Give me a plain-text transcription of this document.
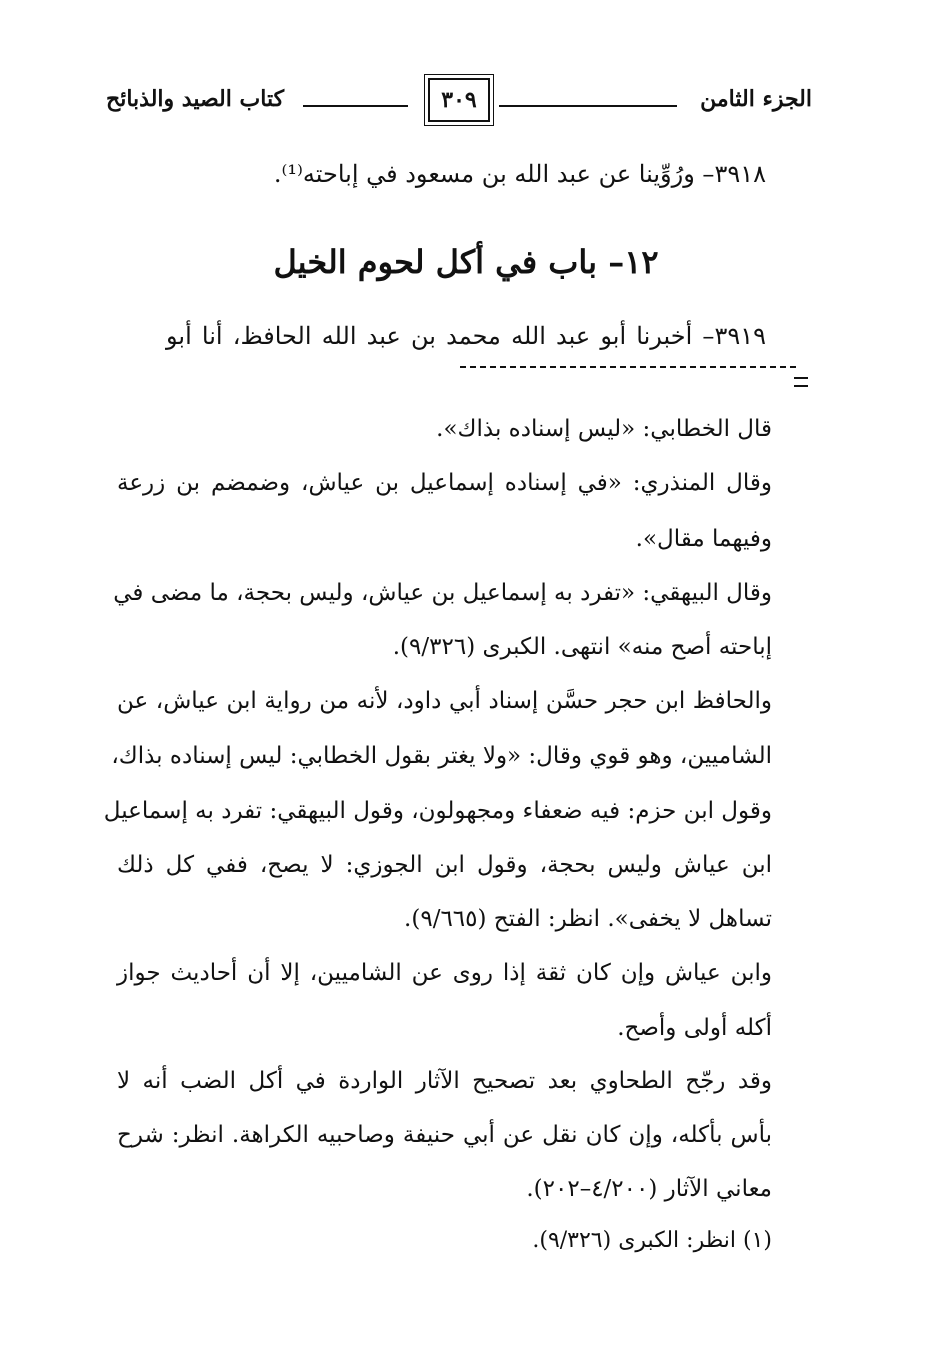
الجزء الثامن
٣٠٩
كتاب الصيد والذبائح
٣٩١٨– ورُوِّينا عن عبد الله بن مسعود في إباحته⁽¹⁾.
١٢– باب في أكل لحوم الخيل
٣٩١٩– أخبرنا أبو عبد الله محمد بن عبد الله الحافظ، أنا أبو
قال الخطابي: «ليس إسناده بذاك».
وقال المنذري: «في إسناده إسماعيل بن عياش، وضمضم بن زرعة
وفيهما مقال».
وقال البيهقي: «تفرد به إسماعيل بن عياش، وليس بحجة، ما مضى في
إباحته أصح منه» انتهى. الكبرى (٩/٣٢٦).
والحافظ ابن حجر حسَّن إسناد أبي داود، لأنه من رواية ابن عياش، عن
الشاميين، وهو قوي وقال: «ولا يغتر بقول الخطابي: ليس إسناده بذاك،
وقول ابن حزم: فيه ضعفاء ومجهولون، وقول البيهقي: تفرد به إسماعيل
ابن عياش وليس بحجة، وقول ابن الجوزي: لا يصح، ففي كل ذلك
تساهل لا يخفى». انظر: الفتح (٩/٦٦٥).
وابن عياش وإن كان ثقة إذا روى عن الشاميين، إلا أن أحاديث جواز
أكله أولى وأصح.
وقد رجّح الطحاوي بعد تصحيح الآثار الواردة في أكل الضب أنه لا
بأس بأكله، وإن كان نقل عن أبي حنيفة وصاحبيه الكراهة. انظر: شرح
معاني الآثار (٤/٢٠٠–٢٠٢).
(١) انظر: الكبرى (٩/٣٢٦).
